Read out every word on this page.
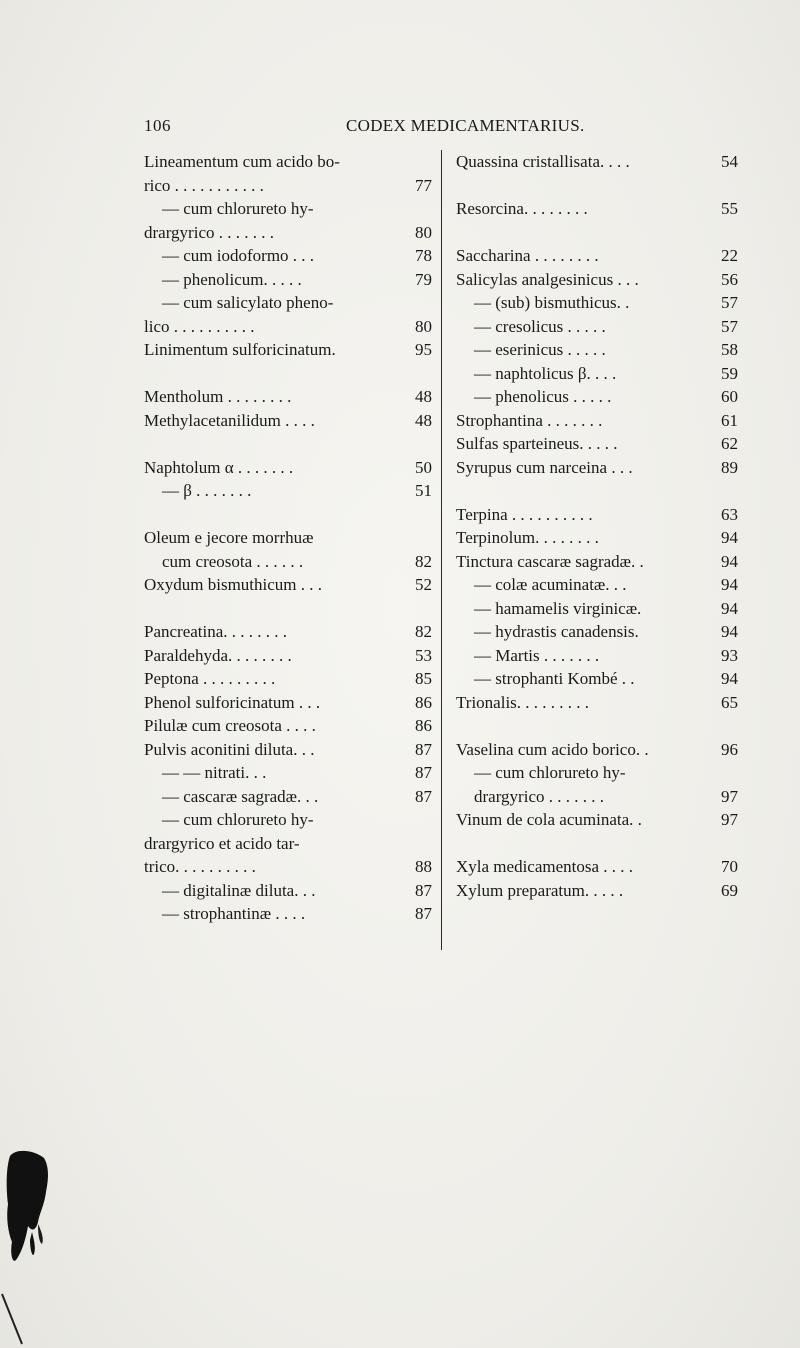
106	CODEX MEDICAMENTARIUS.
Lineamentum cum acido bo-
rico . . . . . . . . . . .	77
— cum chloruretо hy-
drargyrico . . . . . . .	80
— cum iodoformo . . .	78
— phenolicum. . . . .	79
— cum salicylato pheno-
lico . . . . . . . . . .	80
Linimentum sulforicinatum.	95
Mentholum . . . . . . . .	48
Methylacetanilidum . . . .	48
Naphtolum α . . . . . . .	50
— β . . . . . . .	51
Oleum e jecore morrhuæ
cum creosota . . . . . .	82
Oxydum bismuthicum . . .	52
Pancreatina. . . . . . . .	82
Paraldehyda. . . . . . . .	53
Peptona . . . . . . . . .	85
Phenol sulforicinatum . . .	86
Pilulæ cum creosota . . . .	86
Pulvis aconitini diluta. . .	87
— — nitrati. . .	87
— cascaræ sagradæ. . .	87
— cum chlorureto hy-
drargyrico et acido tar-
trico. . . . . . . . . .	88
— digitalinæ diluta. . .	87
— strophantinæ . . . .	87
Quassina cristallisata. . . .	54
Resorcina. . . . . . . .	55
Saccharina . . . . . . . .	22
Salicylas analgesinicus . . .	56
— (sub) bismuthicus. .	57
— cresolicus . . . . .	57
— eserinicus . . . . .	58
— naphtolicus β. . . .	59
— phenolicus . . . . .	60
Strophantina . . . . . . .	61
Sulfas sparteineus. . . . .	62
Syrupus cum narceina . . .	89
Terpina . . . . . . . . . .	63
Terpinolum. . . . . . . .	94
Tinctura cascaræ sagradæ. .	94
— colæ acuminatæ. . .	94
— hamamelis virginicæ.	94
— hydrastis canadensis.	94
— Martis . . . . . . .	93
— strophanti Kombé . .	94
Trionalis. . . . . . . . .	65
Vaselina cum acido borico. .	96
— cum chlorureto hy-
drargyrico . . . . . . .	97
Vinum de cola acuminata. .	97
Xyla medicamentosa . . . .	70
Xylum preparatum. . . . .	69
